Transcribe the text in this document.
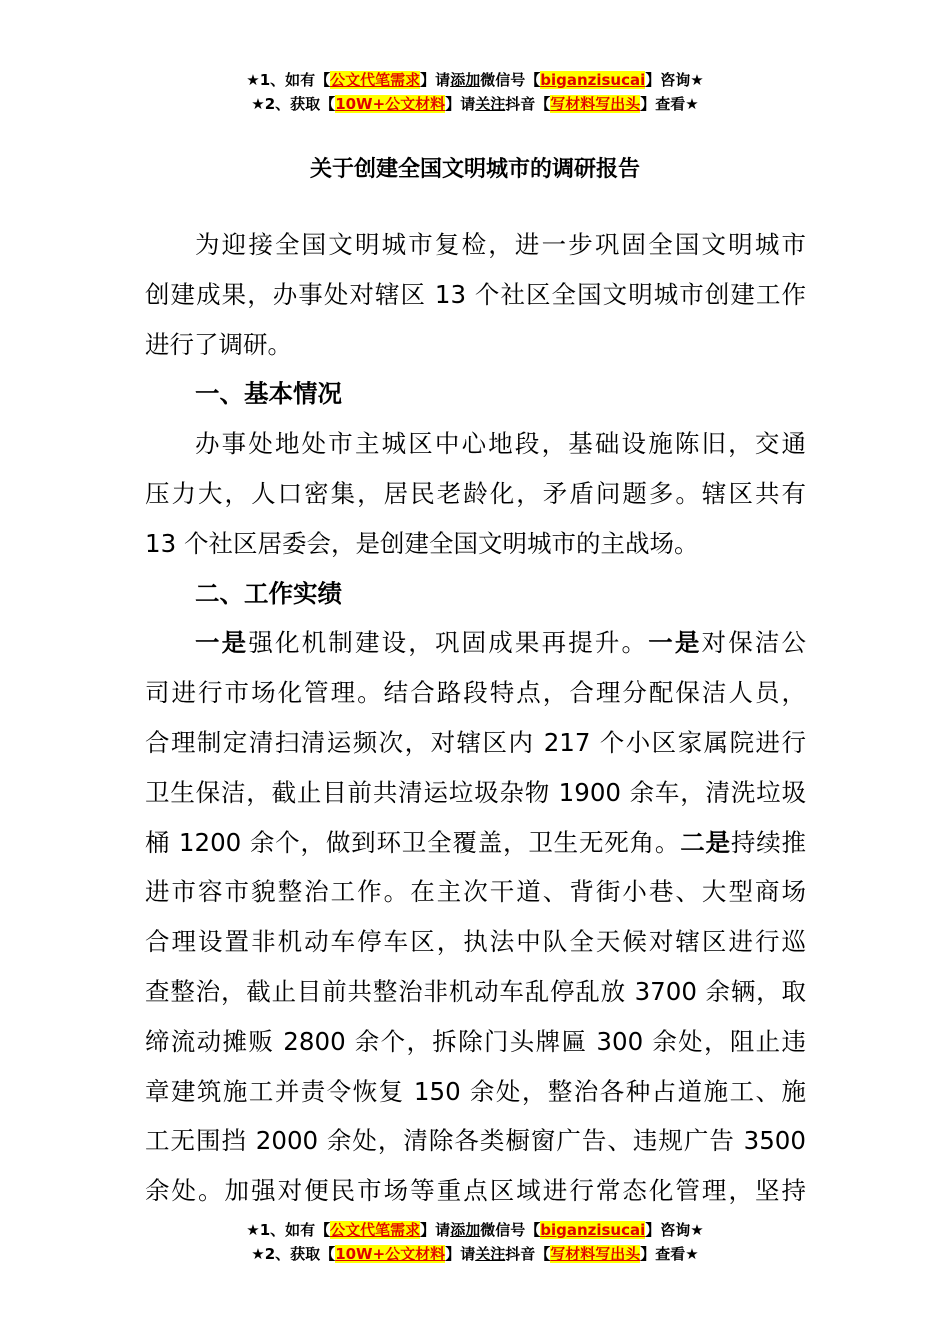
★1、如有【公文代笔需求】请添加微信号【biganzisucai】咨询★
★2、获取【10W+公文材料】请关注抖音【写材料写出头】查看★
关于创建全国文明城市的调研报告
为迎接全国文明城市复检，进一步巩固全国文明城市
创建成果，办事处对辖区 13 个社区全国文明城市创建工作
进行了调研。
一、基本情况
办事处地处市主城区中心地段，基础设施陈旧，交通
压力大，人口密集，居民老龄化，矛盾问题多。辖区共有
13 个社区居委会，是创建全国文明城市的主战场。
二、工作实绩
一是强化机制建设，巩固成果再提升。一是对保洁公
司进行市场化管理。结合路段特点，合理分配保洁人员，
合理制定清扫清运频次，对辖区内 217 个小区家属院进行
卫生保洁，截止目前共清运垃圾杂物 1900 余车，清洗垃圾
桶 1200 余个，做到环卫全覆盖，卫生无死角。二是持续推
进市容市貌整治工作。在主次干道、背街小巷、大型商场
合理设置非机动车停车区，执法中队全天候对辖区进行巡
查整治，截止目前共整治非机动车乱停乱放 3700 余辆，取
缔流动摊贩 2800 余个，拆除门头牌匾 300 余处，阻止违
章建筑施工并责令恢复 150 余处，整治各种占道施工、施
工无围挡 2000 余处，清除各类橱窗广告、违规广告 3500
余处。加强对便民市场等重点区域进行常态化管理，坚持
★1、如有【公文代笔需求】请添加微信号【biganzisucai】咨询★
★2、获取【10W+公文材料】请关注抖音【写材料写出头】查看★
